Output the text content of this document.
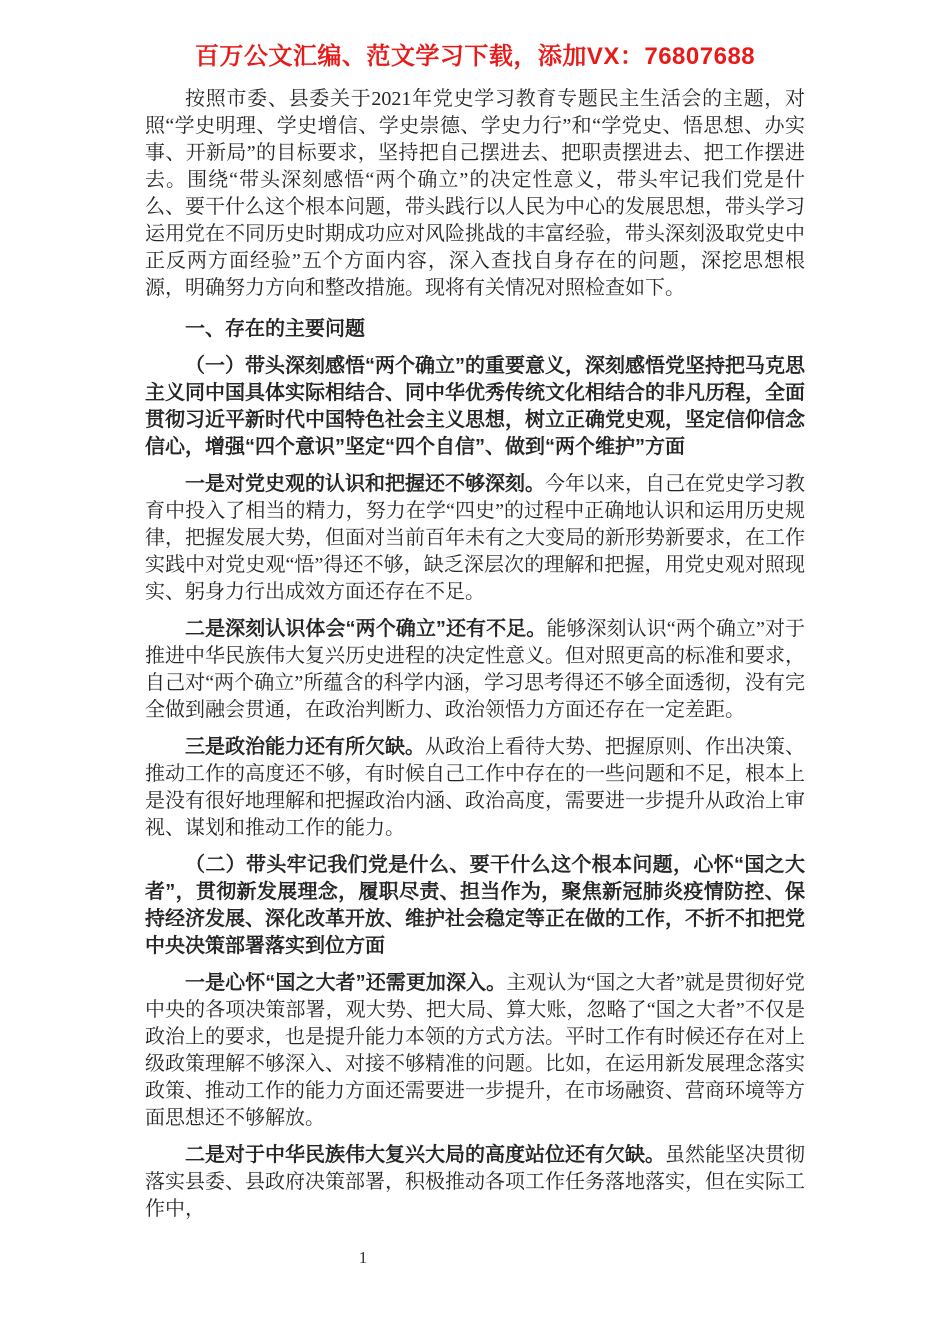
百万公文汇编、范文学习下载，添加VX：76807688

按照市委、县委关于2021年党史学习教育专题民主生活会的主题，对照“学史明理、学史增信、学史崇德、学史力行”和“学党史、悟思想、办实事、开新局”的目标要求，坚持把自己摆进去、把职责摆进去、把工作摆进去。围绕“带头深刻感悟“两个确立”的决定性意义，带头牢记我们党是什么、要干什么这个根本问题，带头践行以人民为中心的发展思想，带头学习运用党在不同历史时期成功应对风险挑战的丰富经验，带头深刻汲取党史中正反两方面经验”五个方面内容，深入查找自身存在的问题，深挖思想根源，明确努力方向和整改措施。现将有关情况对照检查如下。

一、存在的主要问题

（一）带头深刻感悟“两个确立”的重要意义，深刻感悟党坚持把马克思主义同中国具体实际相结合、同中华优秀传统文化相结合的非凡历程，全面贯彻习近平新时代中国特色社会主义思想，树立正确党史观，坚定信仰信念信心，增强“四个意识”坚定“四个自信”、做到“两个维护”方面

一是对党史观的认识和把握还不够深刻。今年以来，自己在党史学习教育中投入了相当的精力，努力在学“四史”的过程中正确地认识和运用历史规律，把握发展大势，但面对当前百年未有之大变局的新形势新要求，在工作实践中对党史观“悟”得还不够，缺乏深层次的理解和把握，用党史观对照现实、躬身力行出成效方面还存在不足。

二是深刻认识体会“两个确立”还有不足。能够深刻认识“两个确立”对于推进中华民族伟大复兴历史进程的决定性意义。但对照更高的标准和要求，自己对“两个确立”所蕴含的科学内涵，学习思考得还不够全面透彻，没有完全做到融会贯通，在政治判断力、政治领悟力方面还存在一定差距。

三是政治能力还有所欠缺。从政治上看待大势、把握原则、作出决策、推动工作的高度还不够，有时候自己工作中存在的一些问题和不足，根本上是没有很好地理解和把握政治内涵、政治高度，需要进一步提升从政治上审视、谋划和推动工作的能力。

（二）带头牢记我们党是什么、要干什么这个根本问题，心怀“国之大者”，贯彻新发展理念，履职尽责、担当作为，聚焦新冠肺炎疫情防控、保持经济发展、深化改革开放、维护社会稳定等正在做的工作，不折不扣把党中央决策部署落实到位方面

一是心怀“国之大者”还需更加深入。主观认为“国之大者”就是贯彻好党中央的各项决策部署，观大势、把大局、算大账，忽略了“国之大者”不仅是政治上的要求，也是提升能力本领的方式方法。平时工作有时候还存在对上级政策理解不够深入、对接不够精准的问题。比如，在运用新发展理念落实政策、推动工作的能力方面还需要进一步提升，在市场融资、营商环境等方面思想还不够解放。

二是对于中华民族伟大复兴大局的高度站位还有欠缺。虽然能坚决贯彻落实县委、县政府决策部署，积极推动各项工作任务落地落实，但在实际工作中，

1
